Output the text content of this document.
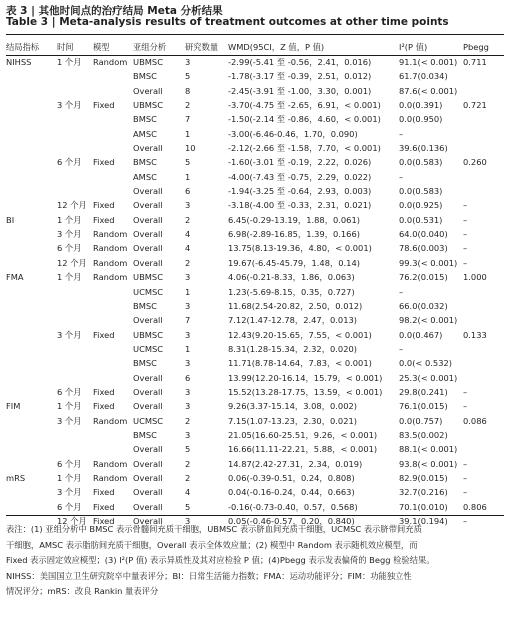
表 3 | 其他时间点的治疗结局 Meta 分析结果
Table 3 | Meta-analysis results of treatment outcomes at other time points
结局指标	时间	模型	亚组分析	研究数量	WMD(95CI，Z 值，P 值)	I²(P 值)	Pbegg
NIHSS	1 个月	Random	UBMSC	3	-2.99(-5.41 至 -0.56，2.41，0.016)	91.1(< 0.001)	0.711
			BMSC	5	-1.78(-3.17 至 -0.39，2.51，0.012)	61.7(0.034)	
			Overall	8	-2.45(-3.91 至 -1.00，3.30，0.001)	87.6(< 0.001)	
	3 个月	Fixed	UBMSC	2	-3.70(-4.75 至 -2.65，6.91，< 0.001)	0.0(0.391)	0.721
			BMSC	7	-1.50(-2.14 至 -0.86，4.60，< 0.001)	0.0(0.950)	
			AMSC	1	-3.00(-6.46-0.46，1.70，0.090)	–	
			Overall	10	-2.12(-2.66 至 -1.58，7.70，< 0.001)	39.6(0.136)	
	6 个月	Fixed	BMSC	5	-1.60(-3.01 至 -0.19，2.22，0.026)	0.0(0.583)	0.260
			AMSC	1	-4.00(-7.43 至 -0.75，2.29，0.022)	–	
			Overall	6	-1.94(-3.25 至 -0.64，2.93，0.003)	0.0(0.583)	
	12 个月	Fixed	Overall	3	-3.18(-4.00 至 -0.33，2.31，0.021)	0.0(0.925)	–
BI	1 个月	Fixed	Overall	2	6.45(-0.29-13.19，1.88，0.061)	0.0(0.531)	–
	3 个月	Random	Overall	4	6.98(-2.89-16.85，1.39，0.166)	64.0(0.040)	–
	6 个月	Random	Overall	4	13.75(8.13-19.36，4.80，< 0.001)	78.6(0.003)	–
	12 个月	Random	Overall	2	19.67(-6.45-45.79，1.48，0.14)	99.3(< 0.001)	–
FMA	1 个月	Random	UBMSC	3	4.06(-0.21-8.33，1.86，0.063)	76.2(0.015)	1.000
			UCMSC	1	1.23(-5.69-8.15，0.35，0.727)	–	
			BMSC	3	11.68(2.54-20.82，2.50，0.012)	66.0(0.032)	
			Overall	7	7.12(1.47-12.78，2.47，0.013)	98.2(< 0.001)	
	3 个月	Fixed	UBMSC	3	12.43(9.20-15.65，7.55，< 0.001)	0.0(0.467)	0.133
			UCMSC	1	8.31(1.28-15.34，2.32，0.020)	–	
			BMSC	3	11.71(8.78-14.64，7.83，< 0.001)	0.0(< 0.532)	
			Overall	6	13.99(12.20-16.14，15.79，< 0.001)	25.3(< 0.001)	
	6 个月	Fixed	Overall	3	15.52(13.28-17.75，13.59，< 0.001)	29.8(0.241)	–
FIM	1 个月	Fixed	Overall	3	9.26(3.37-15.14，3.08，0.002)	76.1(0.015)	–
	3 个月	Random	UCMSC	2	7.15(1.07-13.23，2.30，0.021)	0.0(0.757)	0.086
			BMSC	3	21.05(16.60-25.51，9.26，< 0.001)	83.5(0.002)	
			Overall	5	16.66(11.11-22.21，5.88，< 0.001)	88.1(< 0.001)	
	6 个月	Random	Overall	2	14.87(2.42-27.31，2.34，0.019)	93.8(< 0.001)	–
mRS	1 个月	Random	Overall	2	0.06(-0.39-0.51，0.24，0.808)	82.9(0.015)	–
	3 个月	Fixed	Overall	4	0.04(-0.16-0.24，0.44，0.663)	32.7(0.216)	–
	6 个月	Fixed	Overall	5	-0.16(-0.73-0.40，0.57，0.568)	70.1(0.010)	0.806
	12 个月	Fixed	Overall	3	0.05(-0.46-0.57，0.20，0.840)	39.1(0.194)	–

表注：(1) 亚组分析中 BMSC 表示骨髓间充质干细胞，UBMSC 表示脐血间充质干细胞，UCMSC 表示脐带间充质

干细胞，AMSC 表示脂肪间充质干细胞，Overall 表示全体效应量；(2) 模型中 Random 表示随机效应模型，而

Fixed 表示固定效应模型；(3) I²(P 值) 表示异质性及其对应检验 P 值；(4)Pbegg 表示发表偏倚的 Begg 检验结果。

NIHSS：美国国立卫生研究院卒中量表评分；BI：日常生活能力指数；FMA：运动功能评分；FIM：功能独立性

情况评分；mRS：改良 Rankin 量表评分
